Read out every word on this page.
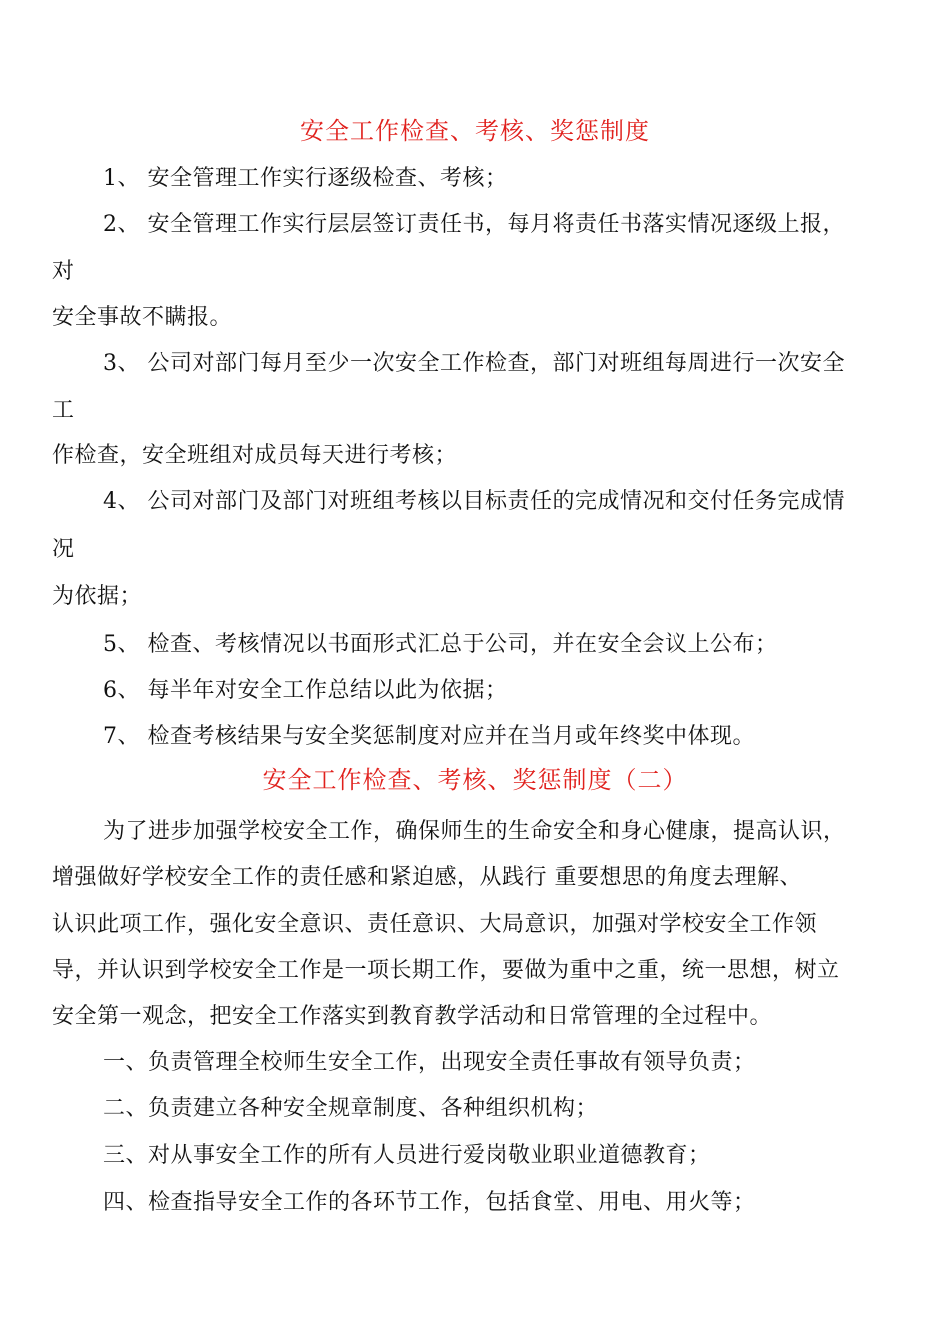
安全工作检查、考核、奖惩制度
1、 安全管理工作实行逐级检查、考核；
2、 安全管理工作实行层层签订责任书，每月将责任书落实情况逐级上报，
对
安全事故不瞒报。
3、 公司对部门每月至少一次安全工作检查，部门对班组每周进行一次安全
工
作检查，安全班组对成员每天进行考核；
4、 公司对部门及部门对班组考核以目标责任的完成情况和交付任务完成情
况
为依据；
5、 检查、考核情况以书面形式汇总于公司，并在安全会议上公布；
6、 每半年对安全工作总结以此为依据；
7、 检查考核结果与安全奖惩制度对应并在当月或年终奖中体现。
安全工作检查、考核、奖惩制度（二）
为了进步加强学校安全工作，确保师生的生命安全和身心健康，提高认识，
增强做好学校安全工作的责任感和紧迫感，从践行 重要想思的角度去理解、
认识此项工作，强化安全意识、责任意识、大局意识，加强对学校安全工作领
导，并认识到学校安全工作是一项长期工作，要做为重中之重，统一思想，树立
安全第一观念，把安全工作落实到教育教学活动和日常管理的全过程中。
一、负责管理全校师生安全工作，出现安全责任事故有领导负责；
二、负责建立各种安全规章制度、各种组织机构；
三、对从事安全工作的所有人员进行爱岗敬业职业道德教育；
四、检查指导安全工作的各环节工作，包括食堂、用电、用火等；
